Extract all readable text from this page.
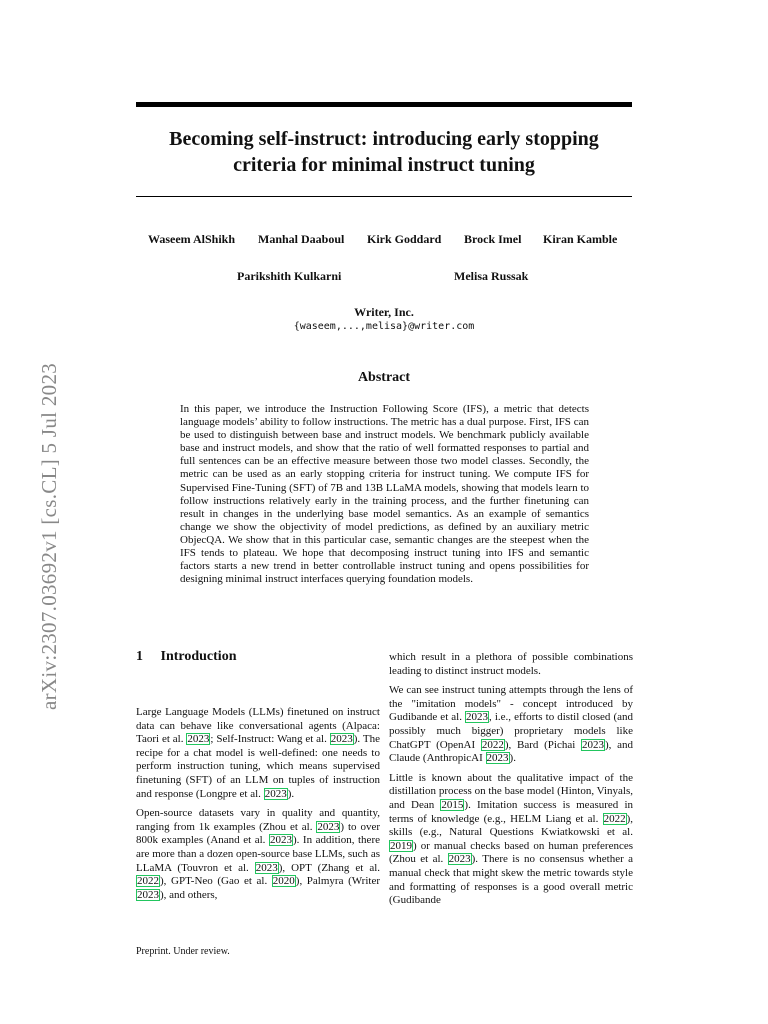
arXiv:2307.03692v1 [cs.CL] 5 Jul 2023
Becoming self-instruct: introducing early stopping
criteria for minimal instruct tuning
Waseem AlShikh Manhal Daaboul Kirk Goddard Brock Imel Kiran Kamble
Parikshith Kulkarni	Melisa Russak
Writer, Inc.
{waseem,...,melisa}@writer.com
Abstract
In this paper, we introduce the Instruction Following Score (IFS), a metric that detects language models’ ability to follow instructions. The metric has a dual purpose. First, IFS can be used to distinguish between base and instruct models. We benchmark publicly available base and instruct models, and show that the ratio of well formatted responses to partial and full sentences can be an effective measure between those two model classes. Secondly, the metric can be used as an early stopping criteria for instruct tuning. We compute IFS for Supervised Fine-Tuning (SFT) of 7B and 13B LLaMA models, showing that models learn to follow instructions relatively early in the training process, and the further finetuning can result in changes in the underlying base model semantics. As an example of semantics change we show the objectivity of model predictions, as defined by an auxiliary metric ObjecQA. We show that in this particular case, semantic changes are the steepest when the IFS tends to plateau. We hope that decomposing instruct tuning into IFS and semantic factors starts a new trend in better controllable instruct tuning and opens possibilities for designing minimal instruct interfaces querying foundation models.
1 Introduction

Large Language Models (LLMs) finetuned on instruct data can behave like conversational agents (Alpaca: Taori et al. 2023; Self-Instruct: Wang et al. 2023). The recipe for a chat model is well-defined: one needs to perform instruction tuning, which means supervised finetuning (SFT) of an LLM on tuples of instruction and response (Longpre et al. 2023).

Open-source datasets vary in quality and quantity, ranging from 1k examples (Zhou et al. 2023) to over 800k examples (Anand et al. 2023). In addition, there are more than a dozen open-source base LLMs, such as LLaMA (Touvron et al. 2023), OPT (Zhang et al. 2022), GPT-Neo (Gao et al. 2020), Palmyra (Writer 2023), and others,

which result in a plethora of possible combinations leading to distinct instruct models.

We can see instruct tuning attempts through the lens of the "imitation models" - concept introduced by Gudibande et al. 2023, i.e., efforts to distil closed (and possibly much bigger) proprietary models like ChatGPT (OpenAI 2022), Bard (Pichai 2023), and Claude (AnthropicAI 2023).

Little is known about the qualitative impact of the distillation process on the base model (Hinton, Vinyals, and Dean 2015). Imitation success is measured in terms of knowledge (e.g., HELM Liang et al. 2022), skills (e.g., Natural Questions Kwiatkowski et al. 2019) or manual checks based on human preferences (Zhou et al. 2023). There is no consensus whether a manual check that might skew the metric towards style and formatting of responses is a good overall metric (Gudibande

Preprint. Under review.
